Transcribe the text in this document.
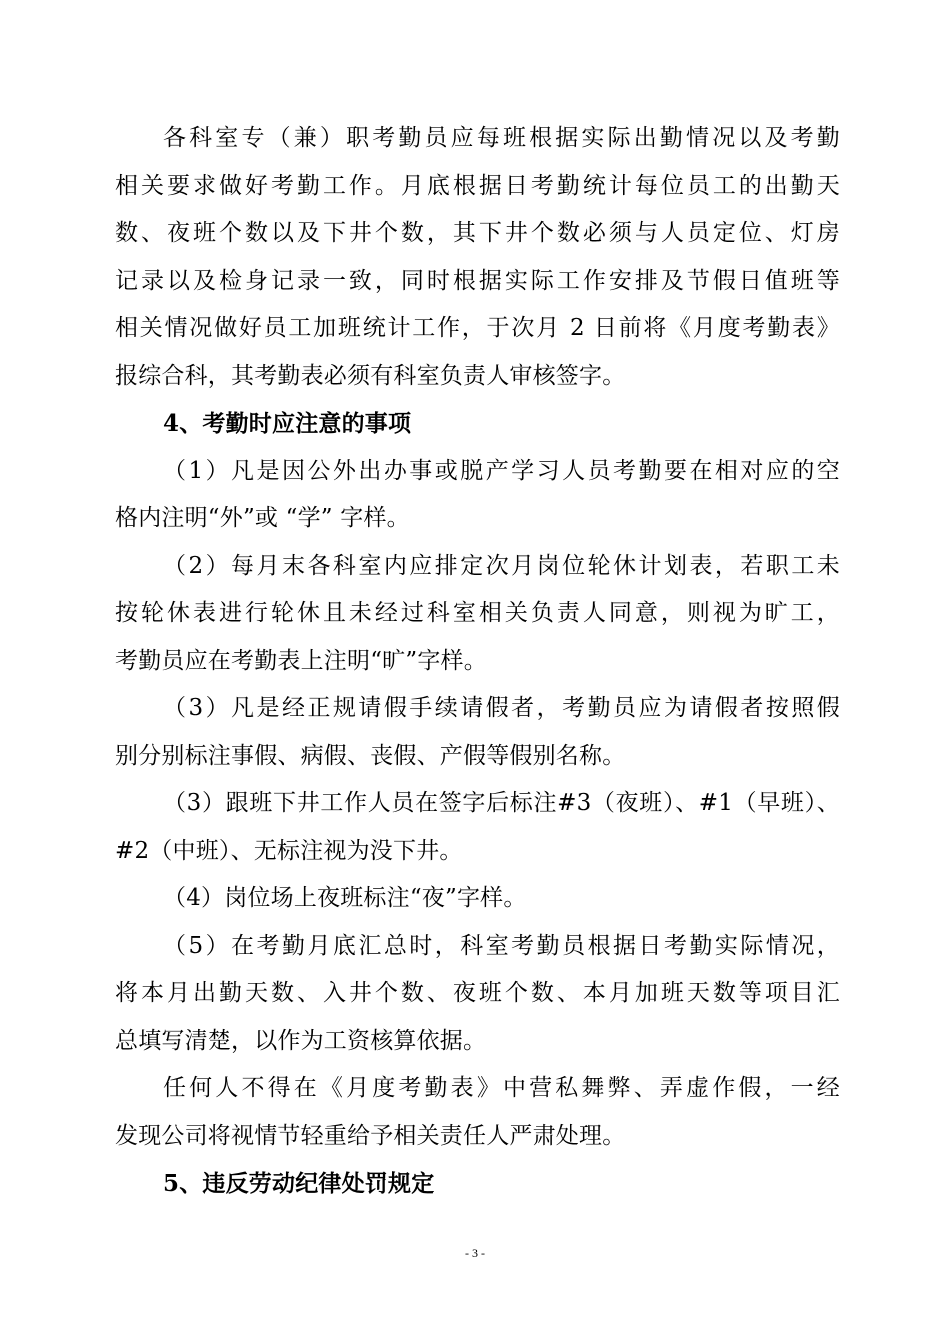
各科室专（兼）职考勤员应每班根据实际出勤情况以及考勤
相关要求做好考勤工作。月底根据日考勤统计每位员工的出勤天
数、夜班个数以及下井个数，其下井个数必须与人员定位、灯房
记录以及检身记录一致，同时根据实际工作安排及节假日值班等
相关情况做好员工加班统计工作，于次月 2 日前将《月度考勤表》
报综合科，其考勤表必须有科室负责人审核签字。
4、考勤时应注意的事项
（1）凡是因公外出办事或脱产学习人员考勤要在相对应的空
格内注明“外”或 “学” 字样。
（2）每月末各科室内应排定次月岗位轮休计划表，若职工未
按轮休表进行轮休且未经过科室相关负责人同意，则视为旷工，
考勤员应在考勤表上注明“旷”字样。
（3）凡是经正规请假手续请假者，考勤员应为请假者按照假
别分别标注事假、病假、丧假、产假等假别名称。
（3）跟班下井工作人员在签字后标注#3（夜班）、#1（早班）、
#2（中班）、无标注视为没下井。
（4）岗位场上夜班标注“夜”字样。
（5）在考勤月底汇总时，科室考勤员根据日考勤实际情况，
将本月出勤天数、入井个数、夜班个数、本月加班天数等项目汇
总填写清楚，以作为工资核算依据。
任何人不得在《月度考勤表》中营私舞弊、弄虚作假，一经
发现公司将视情节轻重给予相关责任人严肃处理。
5、违反劳动纪律处罚规定
- 3 -
